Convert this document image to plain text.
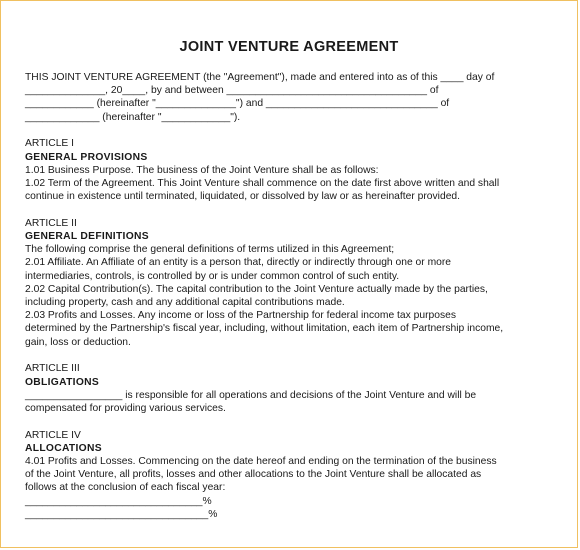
JOINT VENTURE AGREEMENT

THIS JOINT VENTURE AGREEMENT (the "Agreement"), made and entered into as of this ____ day of

______________, 20____, by and between ___________________________________ of

____________ (hereinafter "______________") and ______________________________ of

_____________ (hereinafter "____________").

ARTICLE I

GENERAL PROVISIONS

1.01 Business Purpose. The business of the Joint Venture shall be as follows:

1.02 Term of the Agreement. This Joint Venture shall commence on the date first above written and shall

continue in existence until terminated, liquidated, or dissolved by law or as hereinafter provided.

ARTICLE II

GENERAL DEFINITIONS

The following comprise the general definitions of terms utilized in this Agreement;

2.01 Affiliate. An Affiliate of an entity is a person that, directly or indirectly through one or more

intermediaries, controls, is controlled by or is under common control of such entity.

2.02 Capital Contribution(s). The capital contribution to the Joint Venture actually made by the parties,

including property, cash and any additional capital contributions made.

2.03 Profits and Losses. Any income or loss of the Partnership for federal income tax purposes

determined by the Partnership's fiscal year, including, without limitation, each item of Partnership income,

gain, loss or deduction.

ARTICLE III

OBLIGATIONS

_________________ is responsible for all operations and decisions of the Joint Venture and will be

compensated for providing various services.

ARTICLE IV

ALLOCATIONS

4.01 Profits and Losses. Commencing on the date hereof and ending on the termination of the business

of the Joint Venture, all profits, losses and other allocations to the Joint Venture shall be allocated as

follows at the conclusion of each fiscal year:

_______________________________%

________________________________%
